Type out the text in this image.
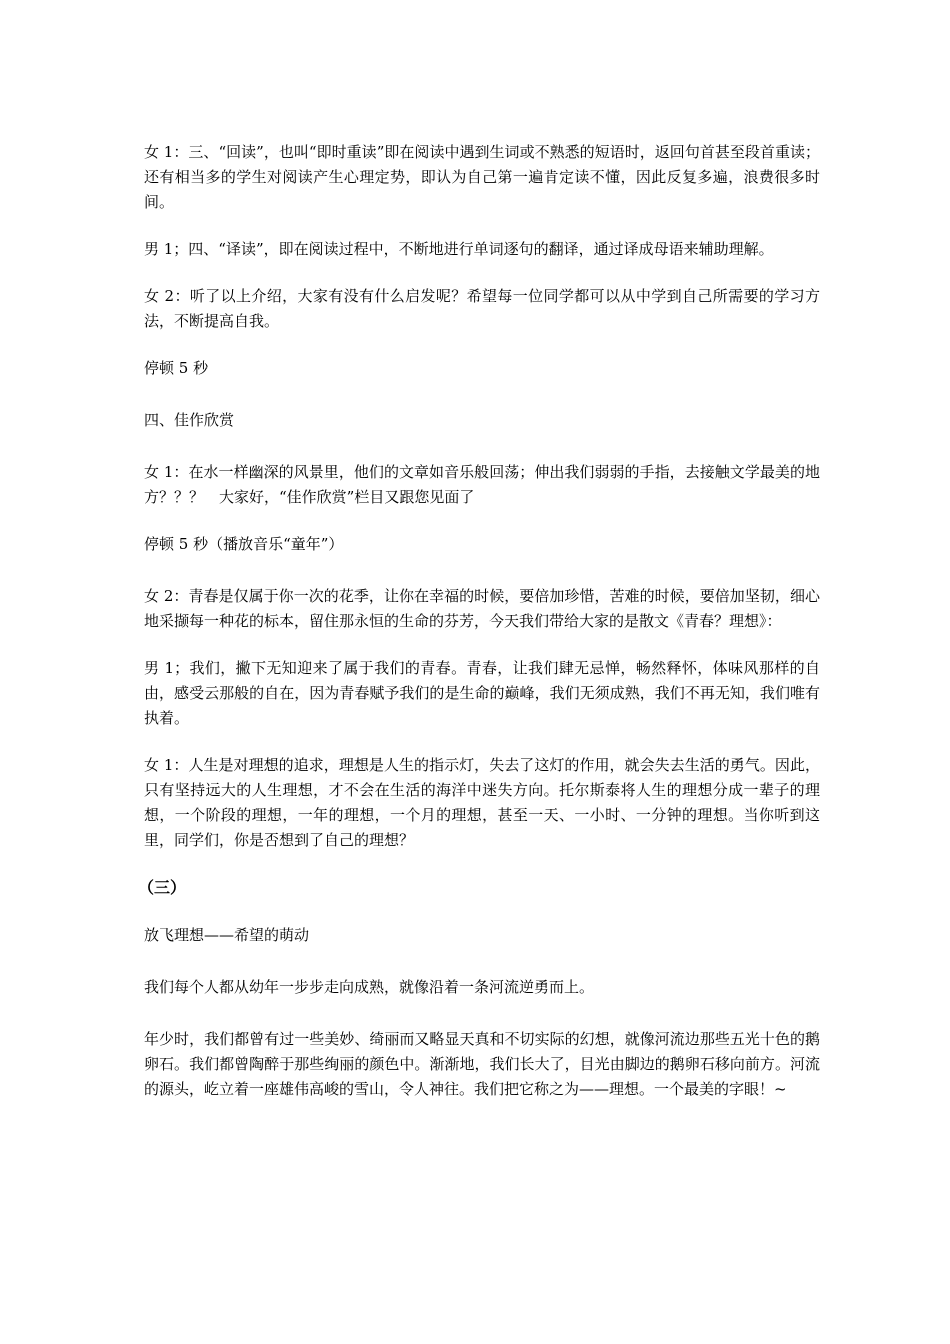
女 1：三、“回读”，也叫“即时重读”即在阅读中遇到生词或不熟悉的短语时，返回句首甚至段首重读；还有相当多的学生对阅读产生心理定势，即认为自己第一遍肯定读不懂，因此反复多遍，浪费很多时间。

男 1；四、“译读”，即在阅读过程中，不断地进行单词逐句的翻译，通过译成母语来辅助理解。

女 2：听了以上介绍，大家有没有什么启发呢？希望每一位同学都可以从中学到自己所需要的学习方法，不断提高自我。

停顿 5 秒

四、佳作欣赏

女 1：在水一样幽深的风景里，他们的文章如音乐般回荡；伸出我们弱弱的手指，去接触文学最美的地方？？？　大家好，“佳作欣赏”栏目又跟您见面了

停顿 5 秒（播放音乐“童年”）

女 2：青春是仅属于你一次的花季，让你在幸福的时候，要倍加珍惜，苦难的时候，要倍加坚韧，细心地采撷每一种花的标本，留住那永恒的生命的芬芳，今天我们带给大家的是散文《青春？理想》：

男 1；我们，撇下无知迎来了属于我们的青春。青春，让我们肆无忌惮，畅然释怀，体味风那样的自由，感受云那般的自在，因为青春赋予我们的是生命的巅峰，我们无须成熟，我们不再无知，我们唯有执着。

女 1：人生是对理想的追求，理想是人生的指示灯，失去了这灯的作用，就会失去生活的勇气。因此，只有坚持远大的人生理想，才不会在生活的海洋中迷失方向。托尔斯泰将人生的理想分成一辈子的理想，一个阶段的理想，一年的理想，一个月的理想，甚至一天、一小时、一分钟的理想。当你听到这里，同学们，你是否想到了自己的理想？

（三）

放飞理想——希望的萌动

我们每个人都从幼年一步步走向成熟，就像沿着一条河流逆勇而上。

年少时，我们都曾有过一些美妙、绮丽而又略显天真和不切实际的幻想，就像河流边那些五光十色的鹅卵石。我们都曾陶醉于那些绚丽的颜色中。渐渐地，我们长大了，目光由脚边的鹅卵石移向前方。河流的源头，屹立着一座雄伟高峻的雪山，令人神往。我们把它称之为——理想。一个最美的字眼！~
